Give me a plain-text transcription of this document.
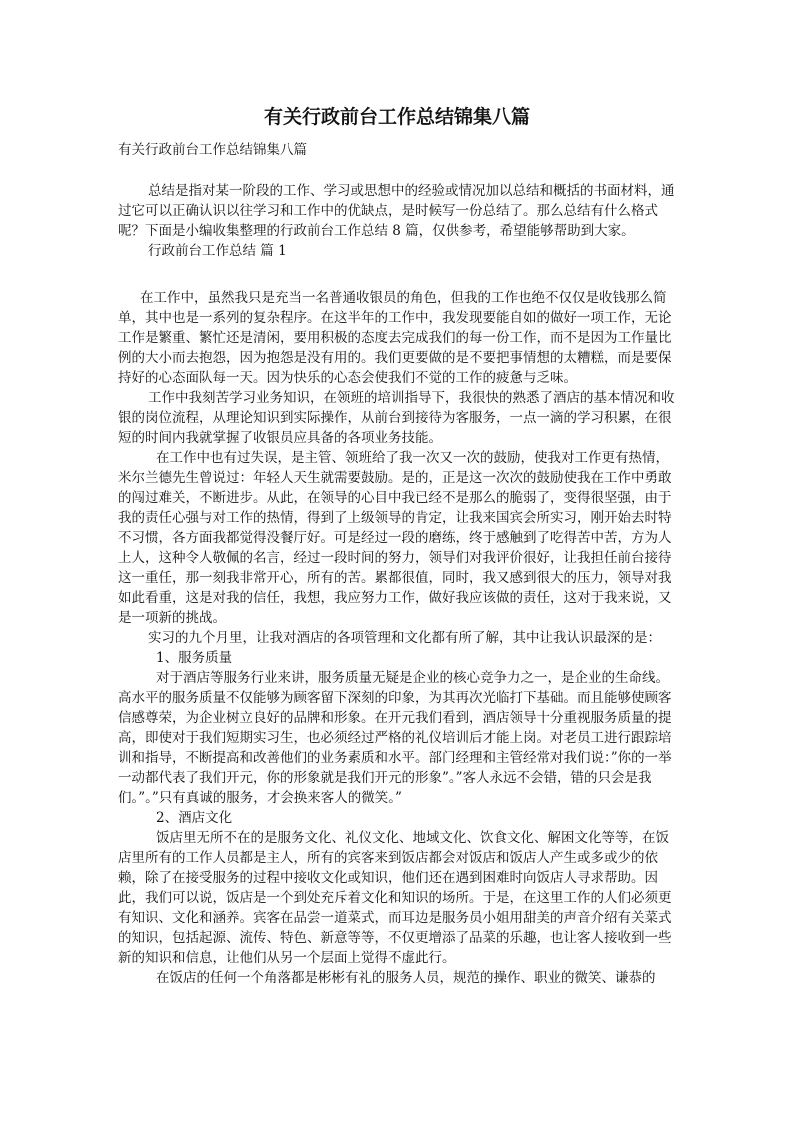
有关行政前台工作总结锦集八篇
有关行政前台工作总结锦集八篇

总结是指对某一阶段的工作、学习或思想中的经验或情况加以总结和概括的书面材料，通过它可以正确认识以往学习和工作中的优缺点，是时候写一份总结了。那么总结有什么格式呢？下面是小编收集整理的行政前台工作总结 8 篇，仅供参考，希望能够帮助到大家。

行政前台工作总结 篇 1

在工作中，虽然我只是充当一名普通收银员的角色，但我的工作也绝不仅仅是收钱那么简单，其中也是一系列的复杂程序。在这半年的工作中，我发现要能自如的做好一项工作，无论工作是繁重、繁忙还是清闲，要用积极的态度去完成我们的每一份工作，而不是因为工作量比例的大小而去抱怨，因为抱怨是没有用的。我们更要做的是不要把事情想的太糟糕，而是要保持好的心态面队每一天。因为快乐的心态会使我们不觉的工作的疲惫与乏味。

工作中我刻苦学习业务知识，在领班的培训指导下，我很快的熟悉了酒店的基本情况和收银的岗位流程，从理论知识到实际操作，从前台到接待为客服务，一点一滴的学习积累，在很短的时间内我就掌握了收银员应具备的各项业务技能。

在工作中也有过失误，是主管、领班给了我一次又一次的鼓励，使我对工作更有热情，米尔兰德先生曾说过：年轻人天生就需要鼓励。是的，正是这一次次的鼓励使我在工作中勇敢的闯过难关，不断进步。从此，在领导的心目中我已经不是那么的脆弱了，变得很坚强，由于我的责任心强与对工作的热情，得到了上级领导的肯定，让我来国宾会所实习，刚开始去时特不习惯，各方面我都觉得没餐厅好。可是经过一段的磨练，终于感触到了吃得苦中苦，方为人上人，这种令人敬佩的名言，经过一段时间的努力，领导们对我评价很好，让我担任前台接待这一重任，那一刻我非常开心，所有的苦。累都很值，同时，我又感到很大的压力，领导对我如此看重，这是对我的信任，我想，我应努力工作，做好我应该做的责任，这对于我来说，又是一项新的挑战。

实习的九个月里，让我对酒店的各项管理和文化都有所了解，其中让我认识最深的是：

1、服务质量

对于酒店等服务行业来讲，服务质量无疑是企业的核心竞争力之一，是企业的生命线。高水平的服务质量不仅能够为顾客留下深刻的印象，为其再次光临打下基础。而且能够使顾客信感尊荣，为企业树立良好的品牌和形象。在开元我们看到，酒店领导十分重视服务质量的提高，即使对于我们短期实习生，也必须经过严格的礼仪培训后才能上岗。对老员工进行跟踪培训和指导，不断提高和改善他们的业务素质和水平。部门经理和主管经常对我们说：”你的一举一动都代表了我们开元，你的形象就是我们开元的形象”。”客人永远不会错，错的只会是我们。”。”只有真诚的服务，才会换来客人的微笑。”

2、酒店文化

饭店里无所不在的是服务文化、礼仪文化、地域文化、饮食文化、解困文化等等，在饭店里所有的工作人员都是主人，所有的宾客来到饭店都会对饭店和饭店人产生或多或少的依赖，除了在接受服务的过程中接收文化或知识，他们还在遇到困难时向饭店人寻求帮助。因此，我们可以说，饭店是一个到处充斥着文化和知识的场所。于是，在这里工作的人们必须更有知识、文化和涵养。宾客在品尝一道菜式，而耳边是服务员小姐用甜美的声音介绍有关菜式的知识，包括起源、流传、特色、新意等等，不仅更增添了品菜的乐趣，也让客人接收到一些新的知识和信息，让他们从另一个层面上觉得不虚此行。

在饭店的任何一个角落都是彬彬有礼的服务人员，规范的操作、职业的微笑、谦恭的
